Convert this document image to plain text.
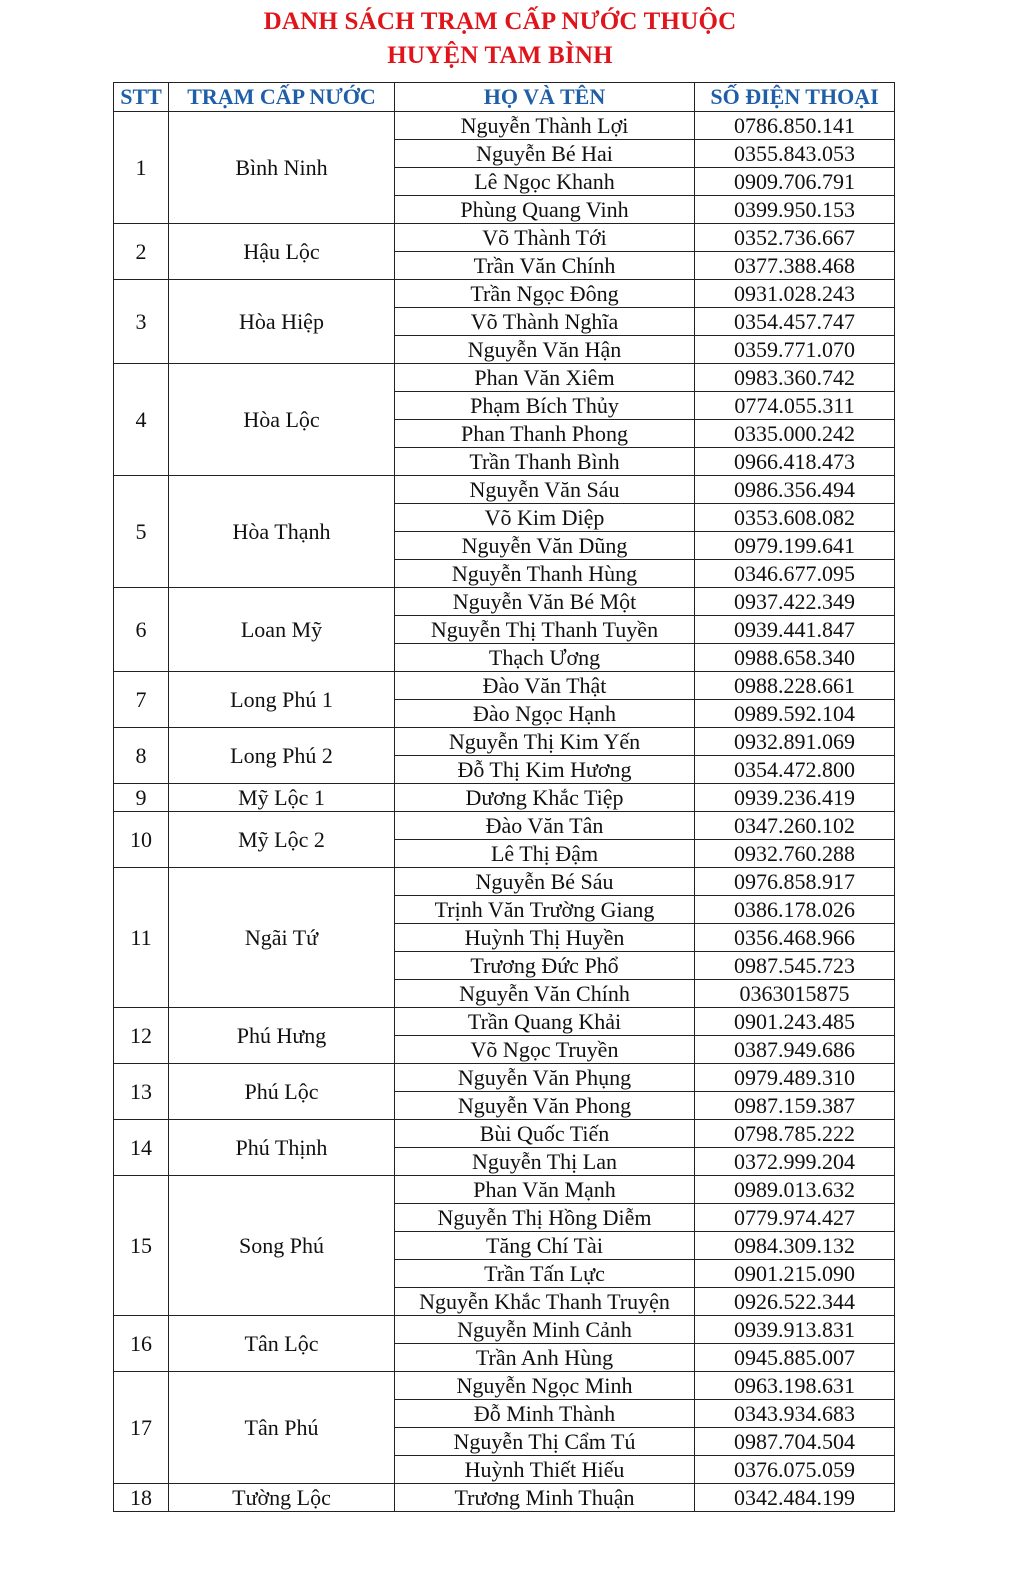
DANH SÁCH TRẠM CẤP NƯỚC THUỘC
HUYỆN TAM BÌNH
STT	TRẠM CẤP NƯỚC	HỌ VÀ TÊN	SỐ ĐIỆN THOẠI
1	Bình Ninh	Nguyễn Thành Lợi	0786.850.141
		Nguyễn Bé Hai	0355.843.053
		Lê Ngọc Khanh	0909.706.791
		Phùng Quang Vinh	0399.950.153
2	Hậu Lộc	Võ Thành Tới	0352.736.667
		Trần Văn Chính	0377.388.468
3	Hòa Hiệp	Trần Ngọc Đông	0931.028.243
		Võ Thành Nghĩa	0354.457.747
		Nguyễn Văn Hận	0359.771.070
4	Hòa Lộc	Phan Văn Xiêm	0983.360.742
		Phạm Bích Thủy	0774.055.311
		Phan Thanh Phong	0335.000.242
		Trần Thanh Bình	0966.418.473
5	Hòa Thạnh	Nguyễn Văn Sáu	0986.356.494
		Võ Kim Diệp	0353.608.082
		Nguyễn Văn Dũng	0979.199.641
		Nguyễn Thanh Hùng	0346.677.095
6	Loan Mỹ	Nguyễn Văn Bé Một	0937.422.349
		Nguyễn Thị Thanh Tuyền	0939.441.847
		Thạch Ương	0988.658.340
7	Long Phú 1	Đào Văn Thật	0988.228.661
		Đào Ngọc Hạnh	0989.592.104
8	Long Phú 2	Nguyễn Thị Kim Yến	0932.891.069
		Đỗ Thị Kim Hương	0354.472.800
9	Mỹ Lộc 1	Dương Khắc Tiệp	0939.236.419
10	Mỹ Lộc 2	Đào Văn Tân	0347.260.102
		Lê Thị Đậm	0932.760.288
11	Ngãi Tứ	Nguyễn Bé Sáu	0976.858.917
		Trịnh Văn Trường Giang	0386.178.026
		Huỳnh Thị Huyền	0356.468.966
		Trương Đức Phổ	0987.545.723
		Nguyễn Văn Chính	0363015875
12	Phú Hưng	Trần Quang Khải	0901.243.485
		Võ Ngọc Truyền	0387.949.686
13	Phú Lộc	Nguyễn Văn Phụng	0979.489.310
		Nguyễn Văn Phong	0987.159.387
14	Phú Thịnh	Bùi Quốc Tiến	0798.785.222
		Nguyễn Thị Lan	0372.999.204
15	Song Phú	Phan Văn Mạnh	0989.013.632
		Nguyễn Thị Hồng Diễm	0779.974.427
		Tăng Chí Tài	0984.309.132
		Trần Tấn Lực	0901.215.090
		Nguyễn Khắc Thanh Truyện	0926.522.344
16	Tân Lộc	Nguyễn Minh Cảnh	0939.913.831
		Trần Anh Hùng	0945.885.007
17	Tân Phú	Nguyễn Ngọc Minh	0963.198.631
		Đỗ Minh Thành	0343.934.683
		Nguyễn Thị Cẩm Tú	0987.704.504
		Huỳnh Thiết Hiếu	0376.075.059
18	Tường Lộc	Trương Minh Thuận	0342.484.199
